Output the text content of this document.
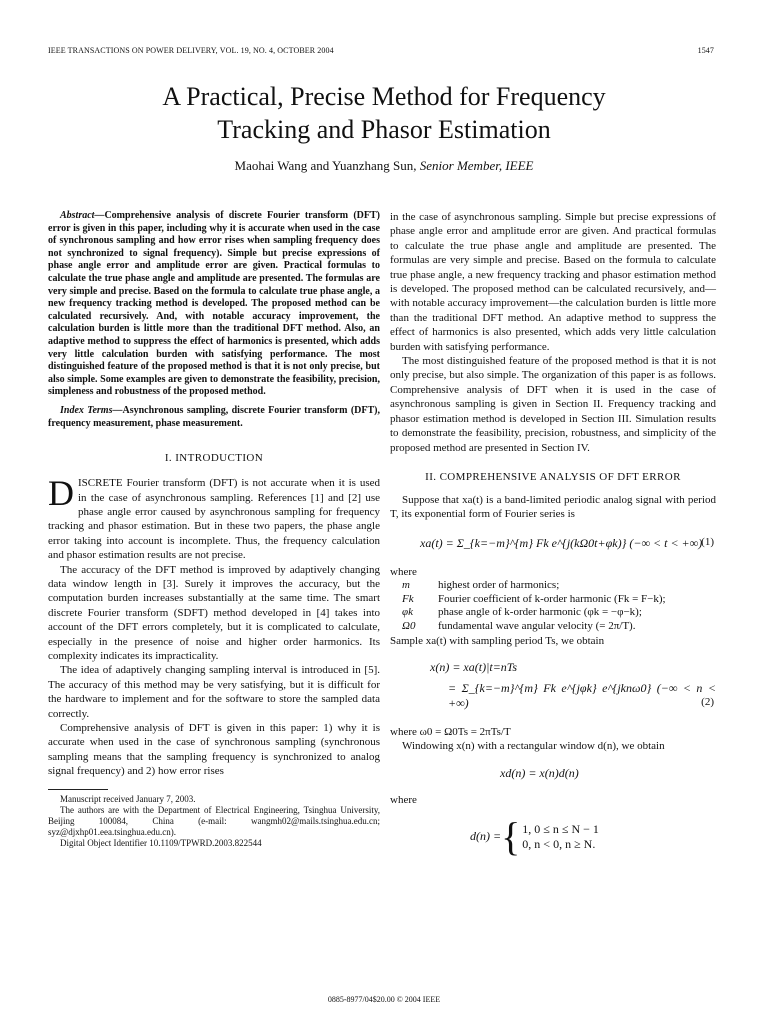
IEEE TRANSACTIONS ON POWER DELIVERY, VOL. 19, NO. 4, OCTOBER 2004	1547
A Practical, Precise Method for Frequency
Tracking and Phasor Estimation
Maohai Wang and Yuanzhang Sun, Senior Member, IEEE
Abstract—Comprehensive analysis of discrete Fourier transform (DFT) error is given in this paper, including why it is accurate when used in the case of synchronous sampling and how error rises when sampling frequency does not synchronized to signal frequency). Simple but precise expressions of phase angle error and amplitude error are given. Practical formulas to calculate the true phase angle and amplitude are presented. The formulas are very simple and precise. Based on the formula to calculate true phase angle, a new frequency tracking method is developed. The proposed method can be calculated recursively. And, with notable accuracy improvement, the calculation burden is little more than the traditional DFT method. Also, an adaptive method to suppress the effect of harmonics is presented, which adds very little calculation burden with satisfying performance. The most distinguished feature of the proposed method is that it is not only precise, but also simple. Some examples are given to demonstrate the feasibility, precision, simpleness and robustness of the proposed method.
Index Terms—Asynchronous sampling, discrete Fourier transform (DFT), frequency measurement, phase measurement.

I. INTRODUCTION

DISCRETE Fourier transform (DFT) is not accurate when it is used in the case of asynchronous sampling. References [1] and [2] use phase angle error caused by asynchronous sampling for frequency tracking and phasor estimation. But in these two papers, the phase angle error taking into account is incomplete. Thus, the frequency calculation and phasor estimation results are not precise.

The accuracy of the DFT method is improved by adaptively changing data window length in [3]. Surely it improves the accuracy, but the computation burden increases substantially at the same time. The smart discrete Fourier transform (SDFT) method developed in [4] takes into account of the DFT errors completely, but it is complicated to calculate, especially in the presence of noise and higher order harmonics. Its complexity indicates its impracticality.

The idea of adaptively changing sampling interval is introduced in [5]. The accuracy of this method may be very satisfying, but it is difficult for the hardware to implement and for the software to store the sampled data correctly.

Comprehensive analysis of DFT is given in this paper: 1) why it is accurate when used in the case of synchronous sampling (synchronous sampling means that the sampling frequency is synchronized to analog signal frequency) and 2) how error rises

Manuscript received January 7, 2003.
The authors are with the Department of Electrical Engineering, Tsinghua University, Beijing 100084, China (e-mail: wangmh02@mails.tsinghua.edu.cn; syz@djxhp01.eea.tsinghua.edu.cn).
Digital Object Identifier 10.1109/TPWRD.2003.822544

in the case of asynchronous sampling. Simple but precise expressions of phase angle error and amplitude error are given. And practical formulas to calculate the true phase angle and amplitude are presented. The formulas are very simple and precise. Based on the formula to calculate true phase angle, a new frequency tracking and phasor estimation method is developed. The proposed method can be calculated recursively, and—with notable accuracy improvement—the calculation burden is little more than the traditional DFT method. An adaptive method to suppress the effect of harmonics is also presented, which adds very little calculation burden with satisfying performance.

The most distinguished feature of the proposed method is that it is not only precise, but also simple. The organization of this paper is as follows. Comprehensive analysis of DFT when it is used in the case of asynchronous sampling is given in Section II. Frequency tracking and phasor estimation method is developed in Section III. Simulation results to demonstrate the feasibility, precision, robustness, and simplicity of the proposed method are presented in Section IV.

II. COMPREHENSIVE ANALYSIS OF DFT ERROR

Suppose that xa(t) is a band-limited periodic analog signal with period T, its exponential form of Fourier series is

xa(t) = Σ_{k=−m}^{m} Fk e^{j(kΩ0t+φk)} (−∞ < t < +∞)
(1)

where

m	highest order of harmonics;
Fk	Fourier coefficient of k-order harmonic (Fk = F−k);
φk	phase angle of k-order harmonic (φk = −φ−k);
Ω0	fundamental wave angular velocity (= 2π/T).

Sample xa(t) with sampling period Ts, we obtain

x(n) = xa(t)|t=nTs
= Σ_{k=−m}^{m} Fk e^{jφk} e^{jknω0} (−∞ < n < +∞)	(2)

where ω0 = Ω0Ts = 2πTs/T

Windowing x(n) with a rectangular window d(n), we obtain

xd(n) = x(n)d(n)

where

d(n) = { 1, 0 ≤ n ≤ N − 1
0, n < 0, n ≥ N.
0885-8977/04$20.00 © 2004 IEEE
